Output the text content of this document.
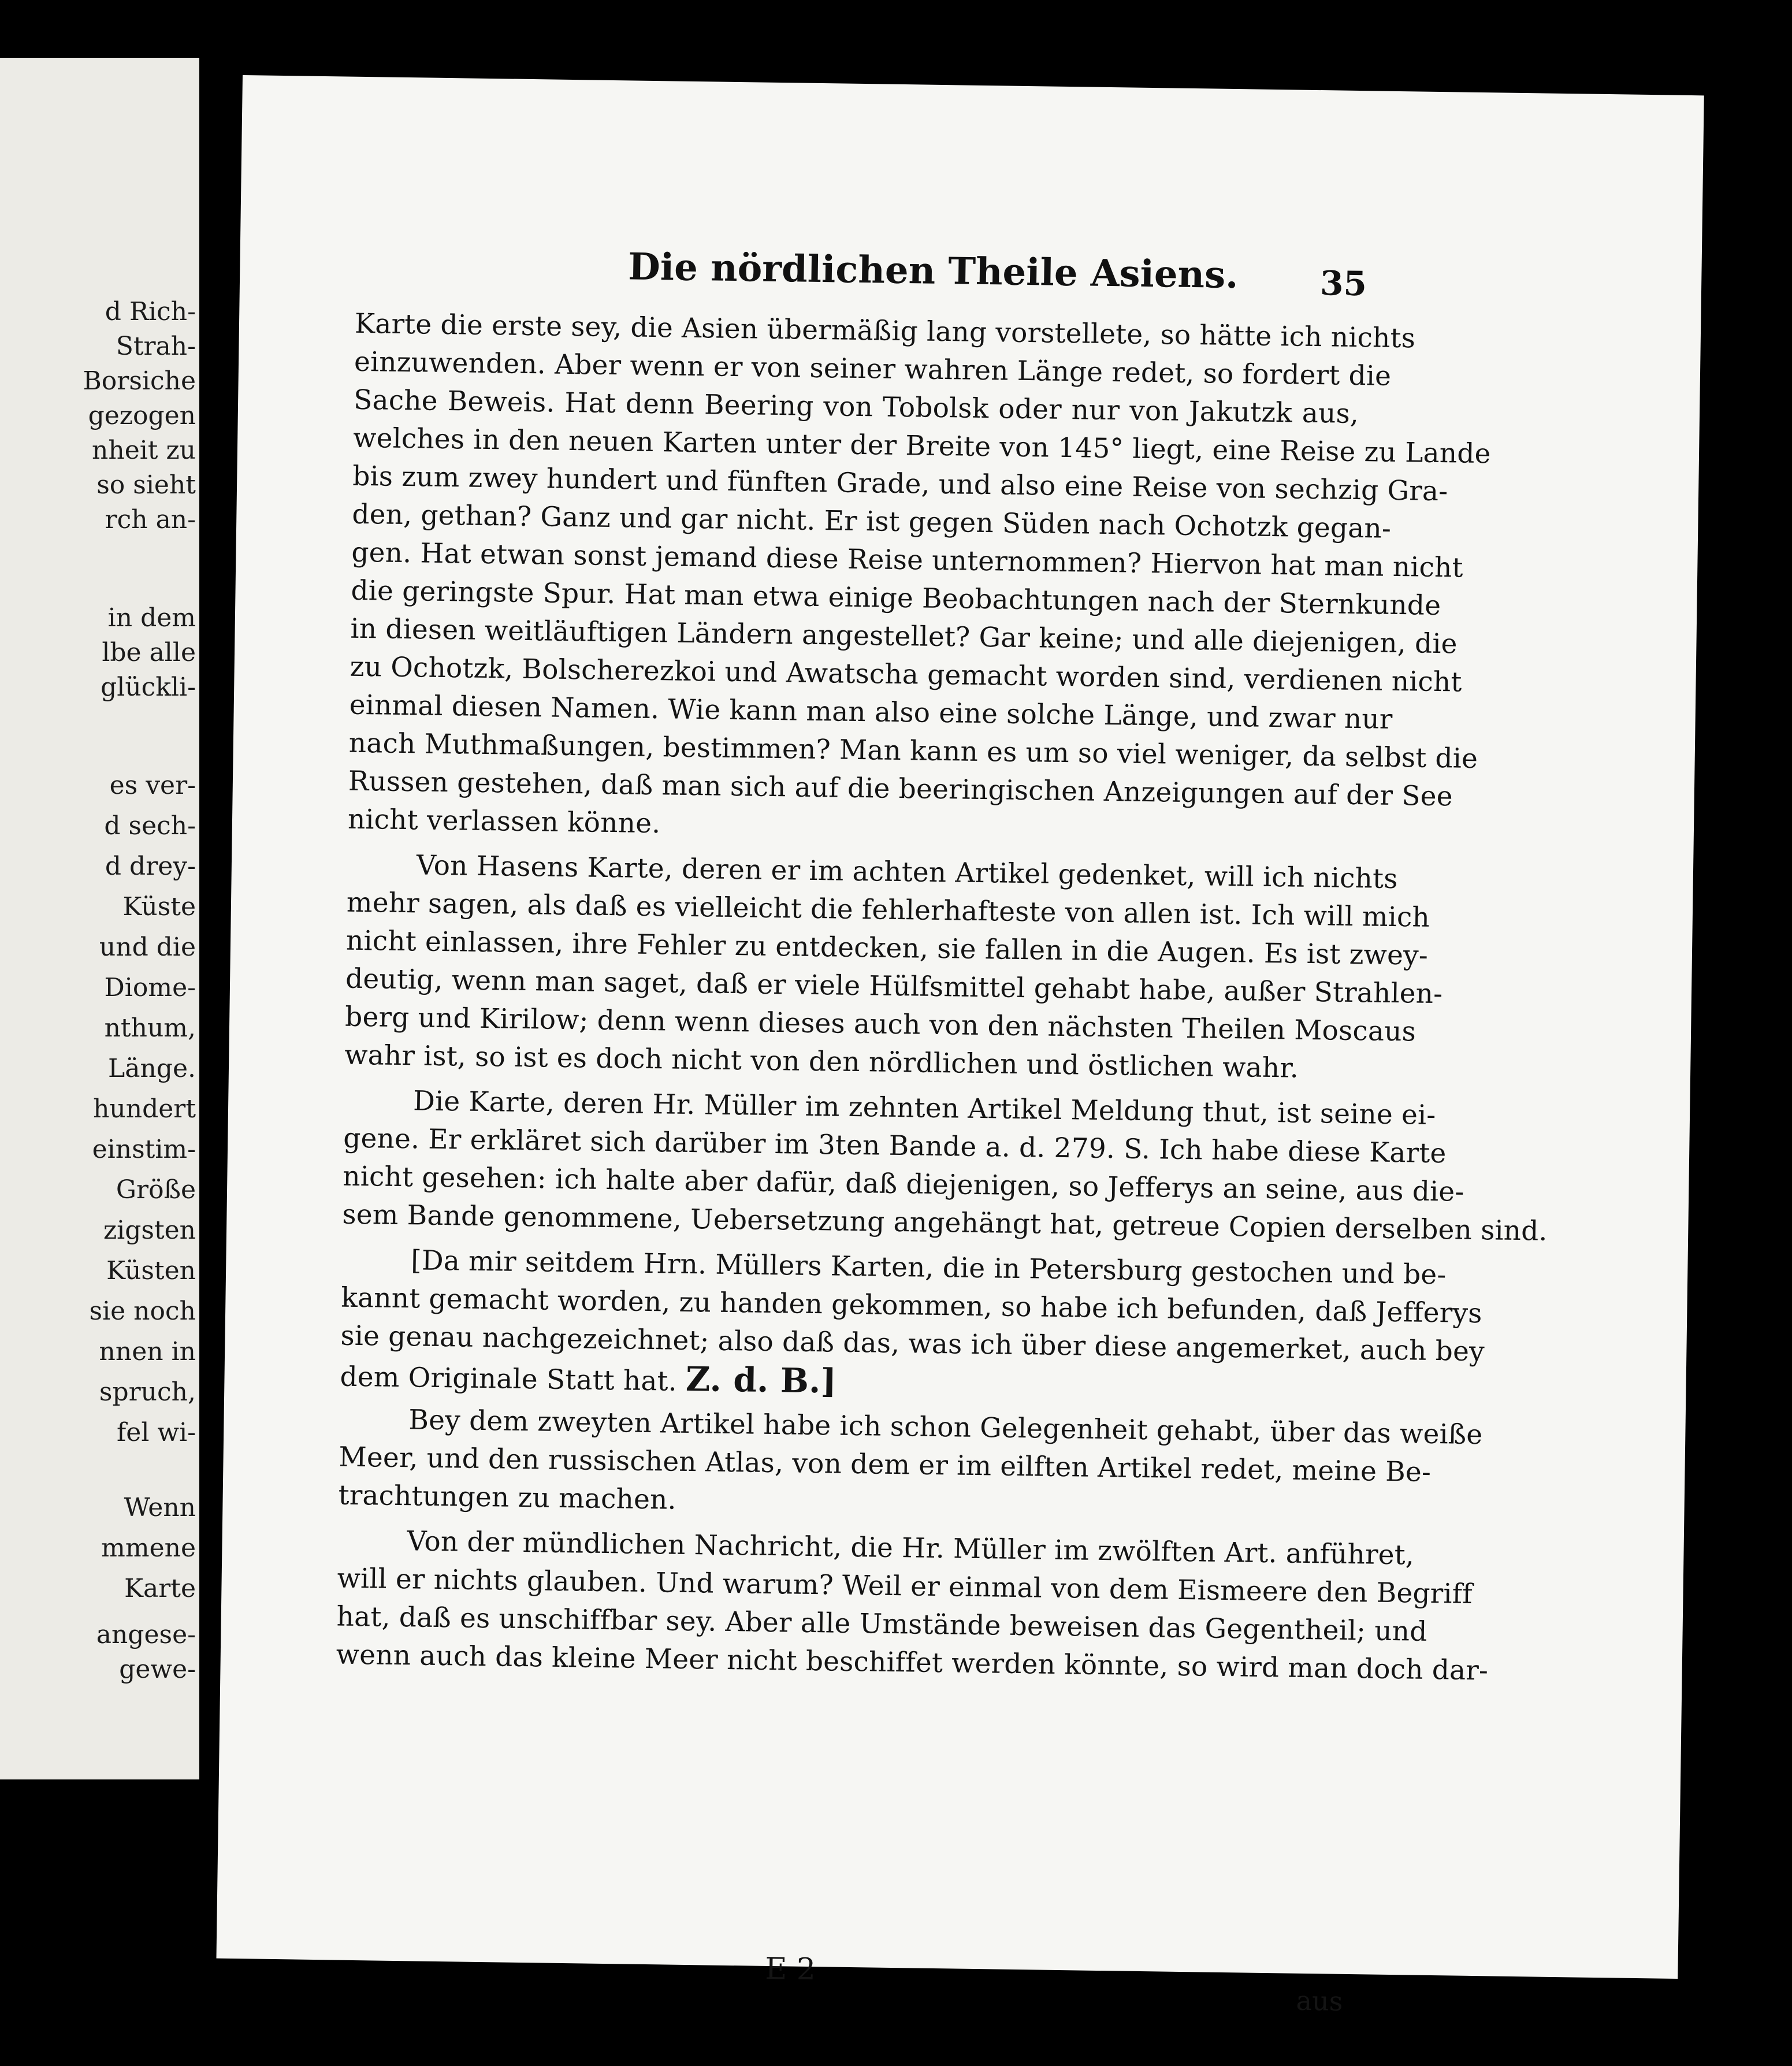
d Rich-
Strah-
Borsiche
gezogen
nheit zu
so sieht
rch an-
in dem
lbe alle
glückli-
es ver-
d sech-
d drey-
Küste
und die
Diome-
nthum,
Länge.
hundert
einstim-
Größe
zigsten
Küsten
sie noch
nnen in
spruch,
fel wi-
Wenn
mmene
Karte
angese-
gewe-
Die nördlichen Theile Asiens.	35
Karte die erste sey, die Asien übermäßig lang vorstellete, so hätte ich nichts
einzuwenden. Aber wenn er von seiner wahren Länge redet, so fordert die
Sache Beweis. Hat denn Beering von Tobolsk oder nur von Jakutzk aus,
welches in den neuen Karten unter der Breite von 145° liegt, eine Reise zu Lande
bis zum zwey hundert und fünften Grade, und also eine Reise von sechzig Gra-
den, gethan? Ganz und gar nicht. Er ist gegen Süden nach Ochotzk gegan-
gen. Hat etwan sonst jemand diese Reise unternommen? Hiervon hat man nicht
die geringste Spur. Hat man etwa einige Beobachtungen nach der Sternkunde
in diesen weitläuftigen Ländern angestellet? Gar keine; und alle diejenigen, die
zu Ochotzk, Bolscherezkoi und Awatscha gemacht worden sind, verdienen nicht
einmal diesen Namen. Wie kann man also eine solche Länge, und zwar nur
nach Muthmaßungen, bestimmen? Man kann es um so viel weniger, da selbst die
Russen gestehen, daß man sich auf die beeringischen Anzeigungen auf der See
nicht verlassen könne.
Von Hasens Karte, deren er im achten Artikel gedenket, will ich nichts
mehr sagen, als daß es vielleicht die fehlerhafteste von allen ist. Ich will mich
nicht einlassen, ihre Fehler zu entdecken, sie fallen in die Augen. Es ist zwey-
deutig, wenn man saget, daß er viele Hülfsmittel gehabt habe, außer Strahlen-
berg und Kirilow; denn wenn dieses auch von den nächsten Theilen Moscaus
wahr ist, so ist es doch nicht von den nördlichen und östlichen wahr.
Die Karte, deren Hr. Müller im zehnten Artikel Meldung thut, ist seine ei-
gene. Er erkläret sich darüber im 3ten Bande a. d. 279. S. Ich habe diese Karte
nicht gesehen: ich halte aber dafür, daß diejenigen, so Jefferys an seine, aus die-
sem Bande genommene, Uebersetzung angehängt hat, getreue Copien derselben sind.
[Da mir seitdem Hrn. Müllers Karten, die in Petersburg gestochen und be-
kannt gemacht worden, zu handen gekommen, so habe ich befunden, daß Jefferys
sie genau nachgezeichnet; also daß das, was ich über diese angemerket, auch bey
dem Originale Statt hat. Z. d. B.]
Bey dem zweyten Artikel habe ich schon Gelegenheit gehabt, über das weiße
Meer, und den russischen Atlas, von dem er im eilften Artikel redet, meine Be-
trachtungen zu machen.
Von der mündlichen Nachricht, die Hr. Müller im zwölften Art. anführet,
will er nichts glauben. Und warum? Weil er einmal von dem Eismeere den Begriff
hat, daß es unschiffbar sey. Aber alle Umstände beweisen das Gegentheil; und
wenn auch das kleine Meer nicht beschiffet werden könnte, so wird man doch dar-
E 2
aus
